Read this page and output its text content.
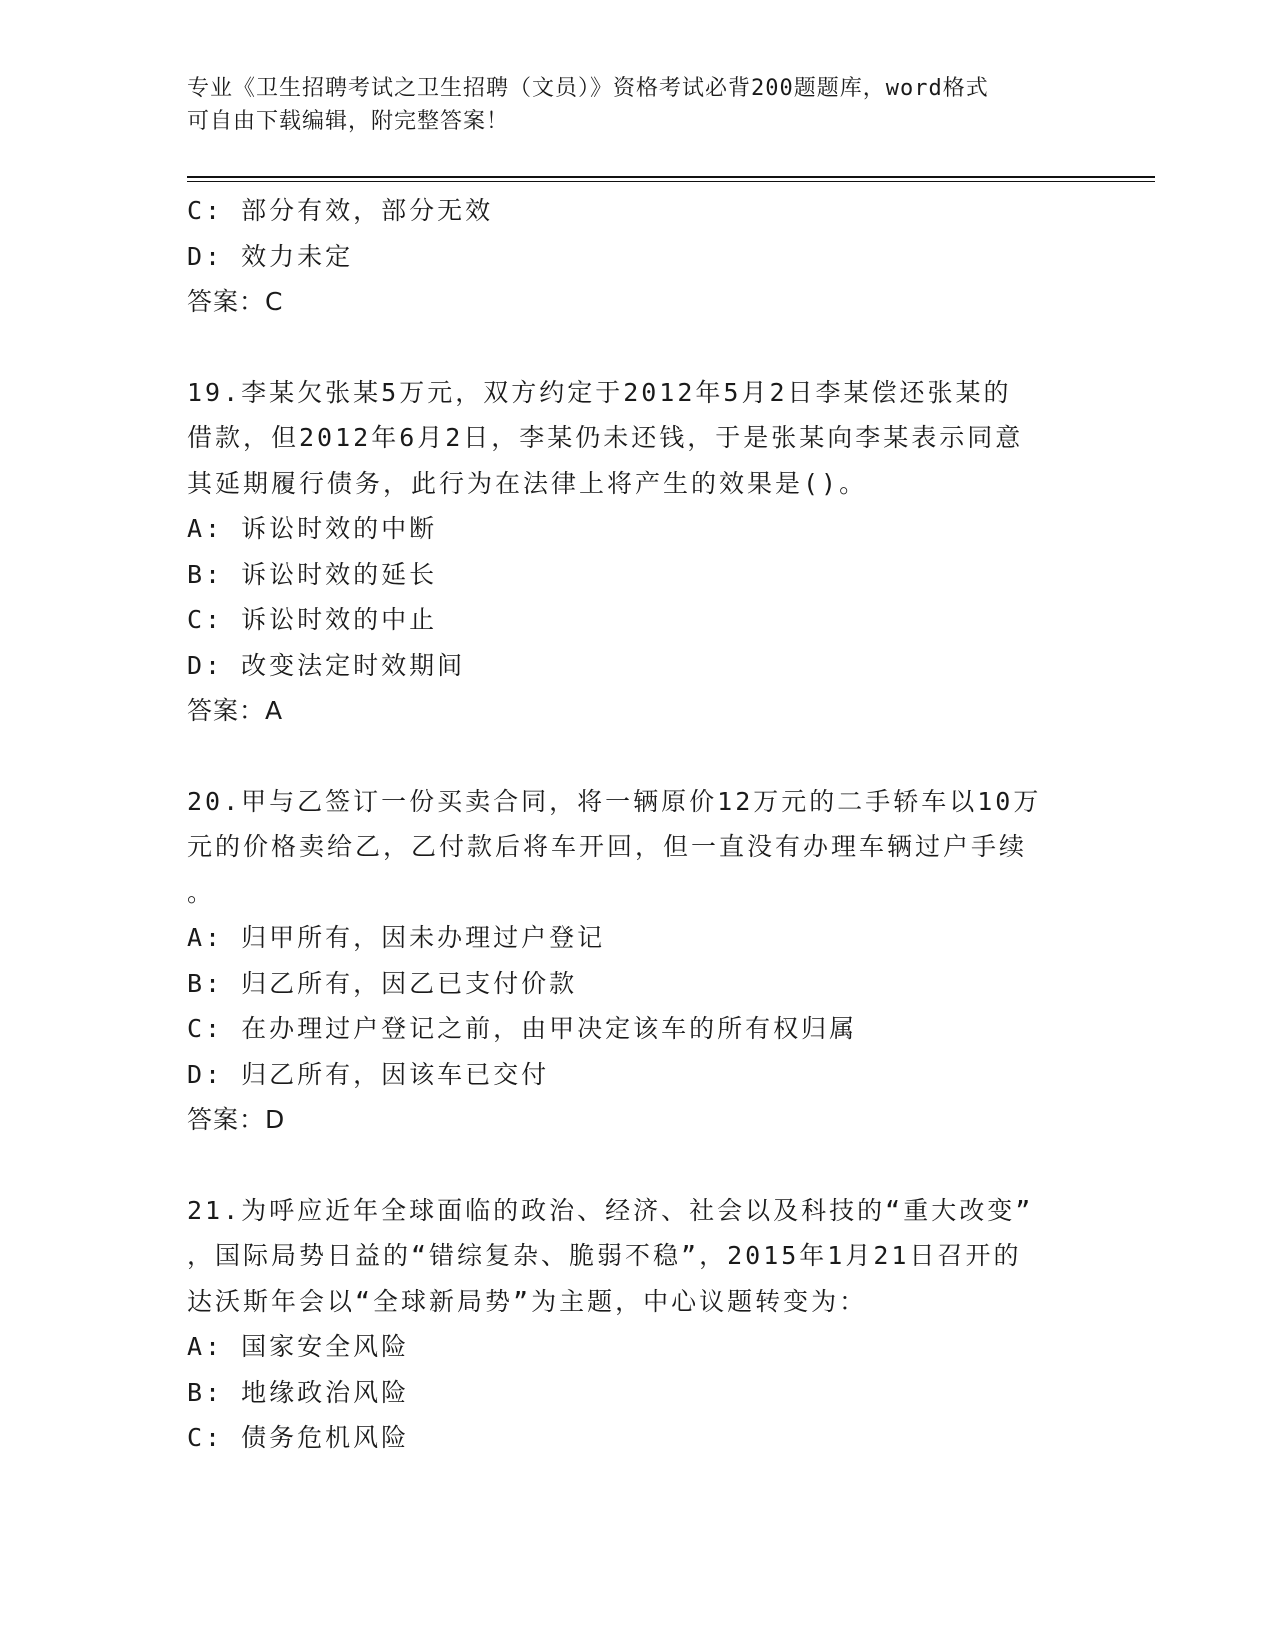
专业《卫生招聘考试之卫生招聘（文员）》资格考试必背200题题库，word格式
可自由下载编辑，附完整答案！
C: 部分有效，部分无效
D: 效力未定
答案：C
19.李某欠张某5万元，双方约定于2012年5月2日李某偿还张某的
借款，但2012年6月2日，李某仍未还钱，于是张某向李某表示同意
其延期履行债务，此行为在法律上将产生的效果是()。
A: 诉讼时效的中断
B: 诉讼时效的延长
C: 诉讼时效的中止
D: 改变法定时效期间
答案：A
20.甲与乙签订一份买卖合同，将一辆原价12万元的二手轿车以10万
元的价格卖给乙，乙付款后将车开回，但一直没有办理车辆过户手续
。
A: 归甲所有，因未办理过户登记
B: 归乙所有，因乙已支付价款
C: 在办理过户登记之前，由甲决定该车的所有权归属
D: 归乙所有，因该车已交付
答案：D
21.为呼应近年全球面临的政治、经济、社会以及科技的“重大改变”
，国际局势日益的“错综复杂、脆弱不稳”，2015年1月21日召开的
达沃斯年会以“全球新局势”为主题，中心议题转变为：
A: 国家安全风险
B: 地缘政治风险
C: 债务危机风险
